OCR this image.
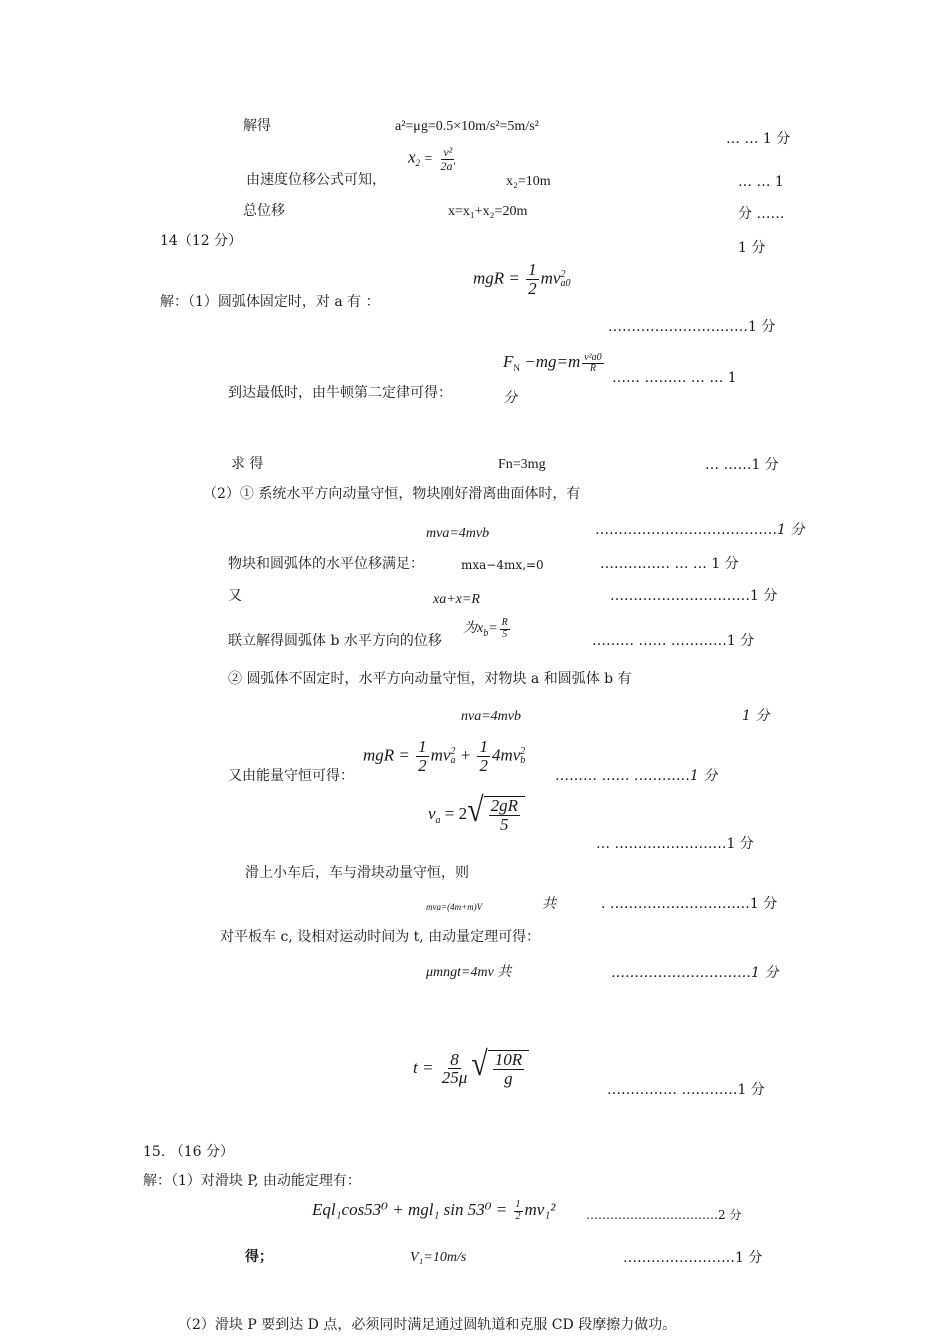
解得	a²=μg=0.5×10m/s²=5m/s²
… … 1 分
由速度位移公式可知，
$x_2 = \frac{\text{v²}}{2a'}$
x₂=10m	… … 1
总位移	x=x₁+x₂=20m	分 ……
14（12 分）	1 分
mgR = $\frac{1}{2}$ mv 2
a0
解：（1）圆弧体固定时，对 a 有 ：
…………………………1 分
$F_N -mg=m \frac{\text{v²a0}}{R}$
…… ……… … … 1
到达最低时，由牛顿第二定律可得：	分
求 得	Fn=3mg	… ……1 分
（2）① 系统水平方向动量守恒，物块刚好滑离曲面体时，有
mva=4mvb	…………………………………1 分
物块和圆弧体的水平位移满足：	mxa−4mx,=0	…………… … … 1 分
又	xa+x=R	…………………………1 分
联立解得圆弧体 b 水平方向的位移
为$x_b= \frac{R}{5}$
……… …… …………1 分
② 圆弧体不固定时，水平方向动量守恒，对物块 a 和圆弧体 b 有
nva=4mvb	1 分
mgR = $\frac{1}{2}$ mv 2
$a + \frac{1}{2} 4mv$ 2
b
又由能量守恒可得：	……… …… …………1 分
$v_a = 2$ √ $\frac{2gR}{5}$
… ……………………1 分
滑上小车后，车与滑块动量守恒，则
mva=(4m+m)V	共	. …………………………1 分
对平板车 c, 设相对运动时间为 t, 由动量定理可得：
μmngt=4mv 共	…………………………1 分
$t = \frac{8}{25\mu}$ √ $\frac{10R}{g}$
…………… …………1 分
15. （16 分）
解：（1）对滑块 P, 由动能定理有：
Eql₁cos53⁰ + mgl₁ $\sin 53^0 = \frac{1}{2} mv_1^2$	……………………………2 分
得；	V₁=10m/s	……………………1 分
（2）滑块 P 要到达 D 点，必须同时满足通过圆轨道和克服 CD 段摩擦力做功。
